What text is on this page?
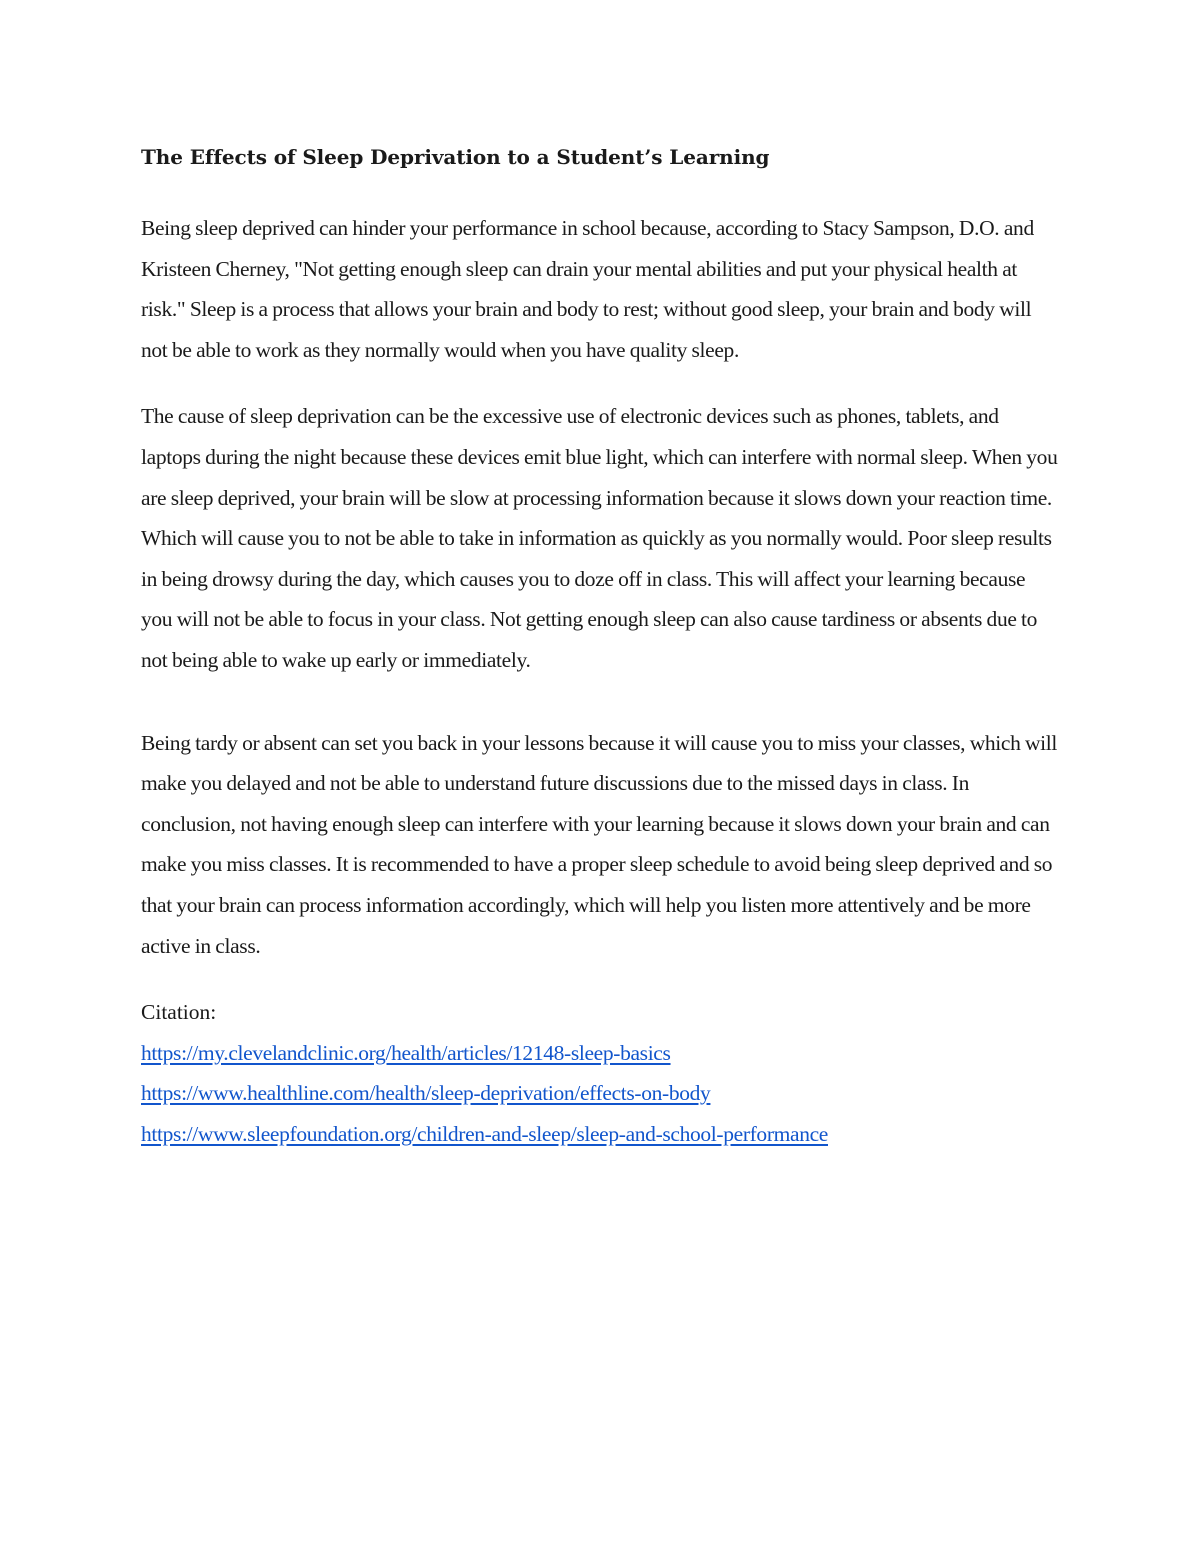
The Effects of Sleep Deprivation to a Student’s Learning

Being sleep deprived can hinder your performance in school because, according to Stacy Sampson, D.O. and Kristeen Cherney, "Not getting enough sleep can drain your mental abilities and put your physical health at risk." Sleep is a process that allows your brain and body to rest; without good sleep, your brain and body will not be able to work as they normally would when you have quality sleep.

The cause of sleep deprivation can be the excessive use of electronic devices such as phones, tablets, and laptops during the night because these devices emit blue light, which can interfere with normal sleep. When you are sleep deprived, your brain will be slow at processing information because it slows down your reaction time. Which will cause you to not be able to take in information as quickly as you normally would. Poor sleep results in being drowsy during the day, which causes you to doze off in class. This will affect your learning because you will not be able to focus in your class. Not getting enough sleep can also cause tardiness or absents due to not being able to wake up early or immediately.

Being tardy or absent can set you back in your lessons because it will cause you to miss your classes, which will make you delayed and not be able to understand future discussions due to the missed days in class. In conclusion, not having enough sleep can interfere with your learning because it slows down your brain and can make you miss classes. It is recommended to have a proper sleep schedule to avoid being sleep deprived and so that your brain can process information accordingly, which will help you listen more attentively and be more active in class.

Citation:
https://my.clevelandclinic.org/health/articles/12148-sleep-basics
https://www.healthline.com/health/sleep-deprivation/effects-on-body
https://www.sleepfoundation.org/children-and-sleep/sleep-and-school-performance
